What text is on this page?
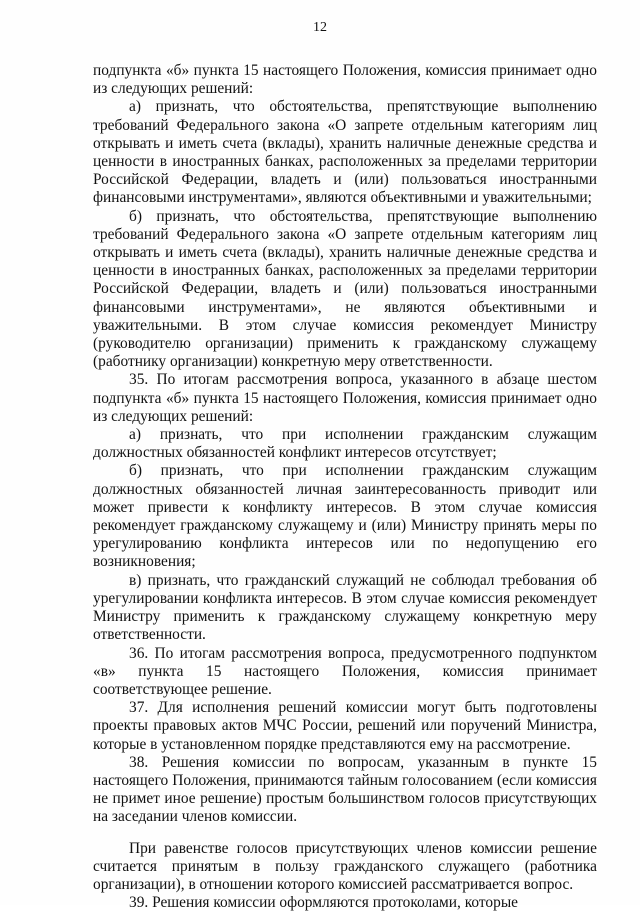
12

подпункта «б» пункта 15 настоящего Положения, комиссия принимает одно из следующих решений:

а) признать, что обстоятельства, препятствующие выполнению требований Федерального закона «О запрете отдельным категориям лиц открывать и иметь счета (вклады), хранить наличные денежные средства и ценности в иностранных банках, расположенных за пределами территории Российской Федерации, владеть и (или) пользоваться иностранными финансовыми инструментами», являются объективными и уважительными;

б) признать, что обстоятельства, препятствующие выполнению требований Федерального закона «О запрете отдельным категориям лиц открывать и иметь счета (вклады), хранить наличные денежные средства и ценности в иностранных банках, расположенных за пределами территории Российской Федерации, владеть и (или) пользоваться иностранными финансовыми инструментами», не являются объективными и уважительными. В этом случае комиссия рекомендует Министру (руководителю организации) применить к гражданскому служащему (работнику организации) конкретную меру ответственности.

35. По итогам рассмотрения вопроса, указанного в абзаце шестом подпункта «б» пункта 15 настоящего Положения, комиссия принимает одно из следующих решений:

а) признать, что при исполнении гражданским служащим должностных обязанностей конфликт интересов отсутствует;

б) признать, что при исполнении гражданским служащим должностных обязанностей личная заинтересованность приводит или может привести к конфликту интересов. В этом случае комиссия рекомендует гражданскому служащему и (или) Министру принять меры по урегулированию конфликта интересов или по недопущению его возникновения;

в) признать, что гражданский служащий не соблюдал требования об урегулировании конфликта интересов. В этом случае комиссия рекомендует Министру применить к гражданскому служащему конкретную меру ответственности.

36. По итогам рассмотрения вопроса, предусмотренного подпунктом «в» пункта 15 настоящего Положения, комиссия принимает соответствующее решение.

37. Для исполнения решений комиссии могут быть подготовлены проекты правовых актов МЧС России, решений или поручений Министра, которые в установленном порядке представляются ему на рассмотрение.

38. Решения комиссии по вопросам, указанным в пункте 15 настоящего Положения, принимаются тайным голосованием (если комиссия не примет иное решение) простым большинством голосов присутствующих на заседании членов комиссии.

При равенстве голосов присутствующих членов комиссии решение считается принятым в пользу гражданского служащего (работника организации), в отношении которого комиссией рассматривается вопрос.

39. Решения комиссии оформляются протоколами, которые
